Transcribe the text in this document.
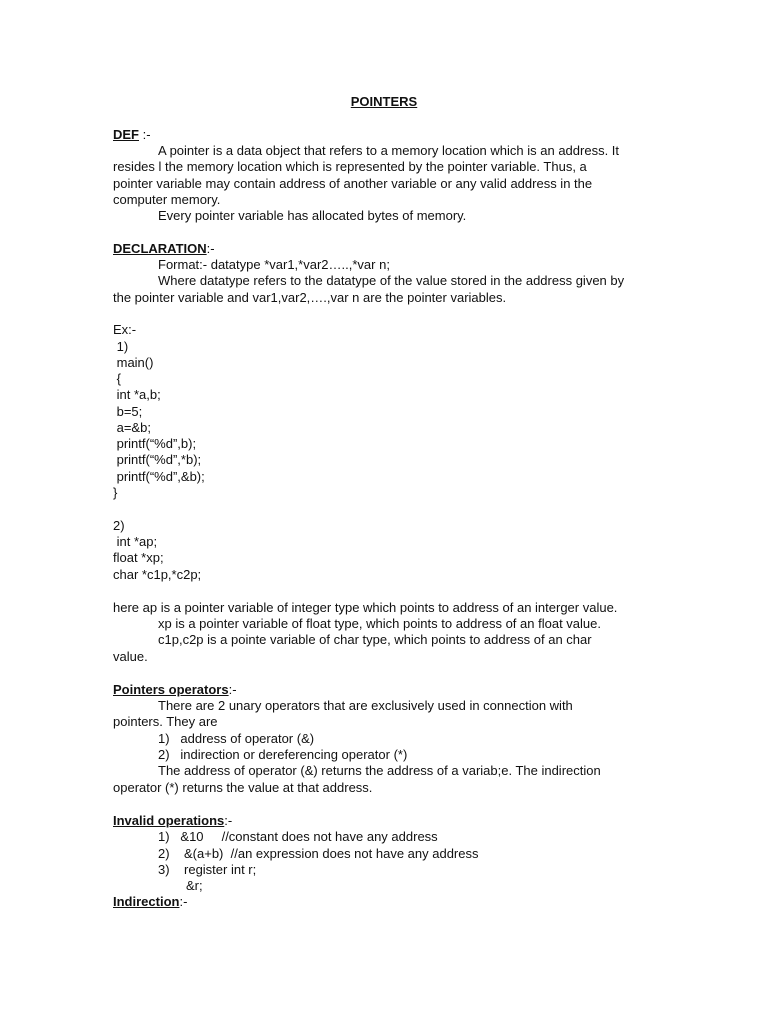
POINTERS
DEF :-
A pointer is a data object that refers to a memory location which is an address. It
resides l the memory location which is represented by the pointer variable. Thus, a
pointer variable may contain address of another variable or any valid address in the
computer memory.
Every pointer variable has allocated bytes of memory.
DECLARATION:-
Format:- datatype *var1,*var2…..,*var n;
Where datatype refers to the datatype of the value stored in the address given by
the pointer variable and var1,var2,….,var n are the pointer variables.
Ex:-
1)
main()
{
int *a,b;
b=5;
a=&b;
printf(“%d”,b);
printf(“%d”,*b);
printf(“%d”,&b);
}
2)
int *ap;
float *xp;
char *c1p,*c2p;
here ap is a pointer variable of integer type which points to address of an interger value.
xp is a pointer variable of float type, which points to address of an float value.
c1p,c2p is a pointe variable of char type, which points to address of an char
value.
Pointers operators:-
There are 2 unary operators that are exclusively used in connection with
pointers. They are
1)   address of operator (&)
2)   indirection or dereferencing operator (*)
The address of operator (&) returns the address of a variab;e. The indirection
operator (*) returns the value at that address.
Invalid operations:-
1)   &10     //constant does not have any address
2)    &(a+b)  //an expression does not have any address
3)    register int r;
&r;
Indirection:-
